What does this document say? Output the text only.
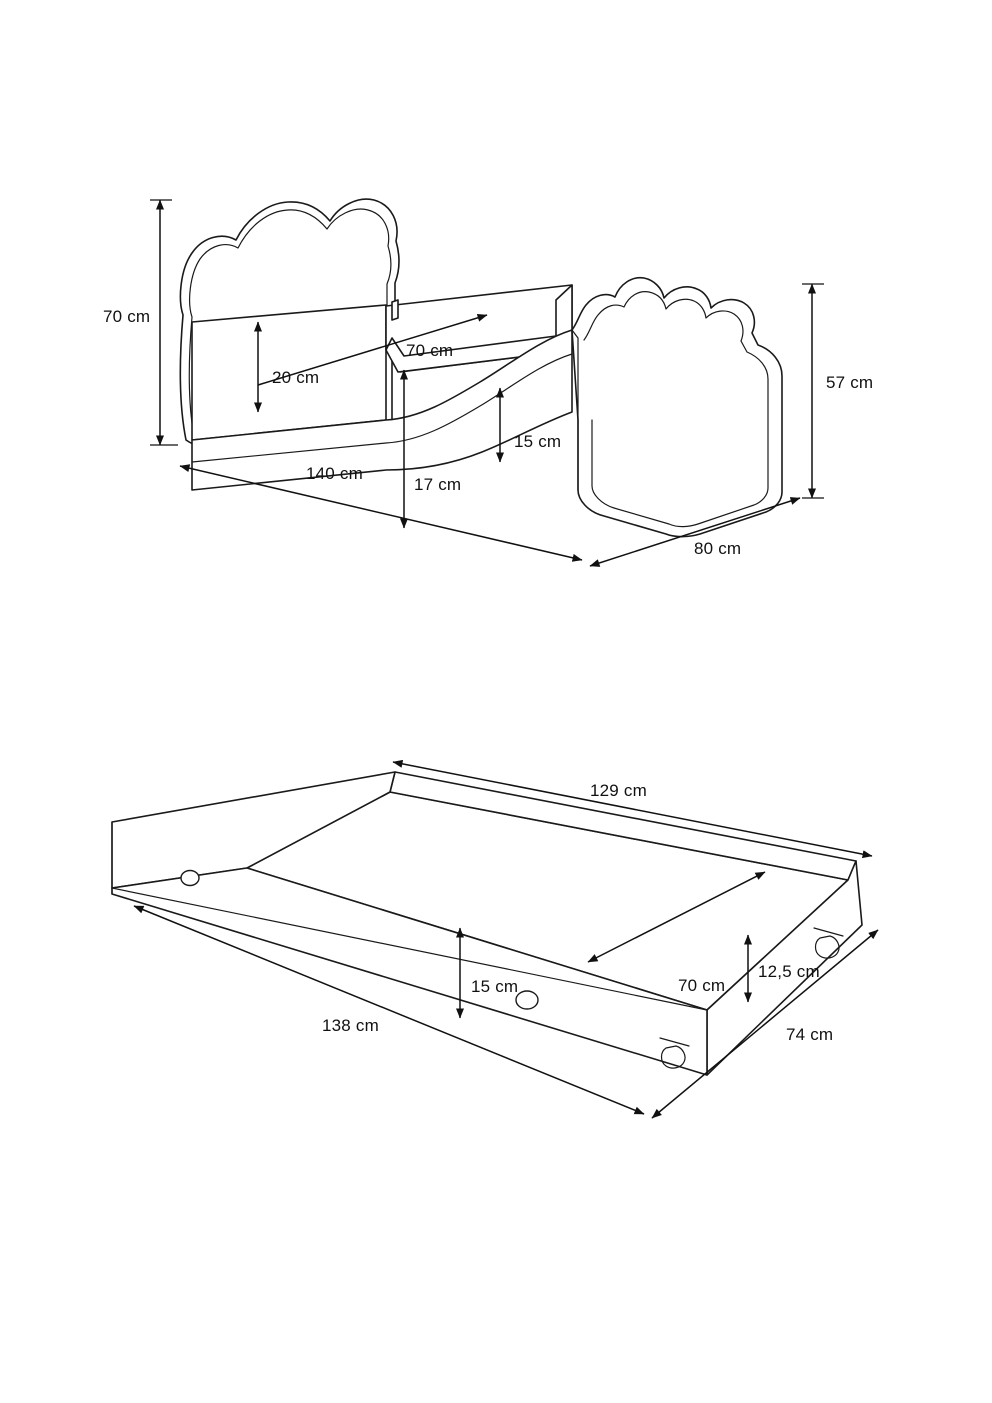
70 cm
70 cm
20 cm
140 cm
17 cm
15 cm
80 cm
57 cm
129 cm
70 cm
138 cm
15 cm
12,5 cm
74 cm
